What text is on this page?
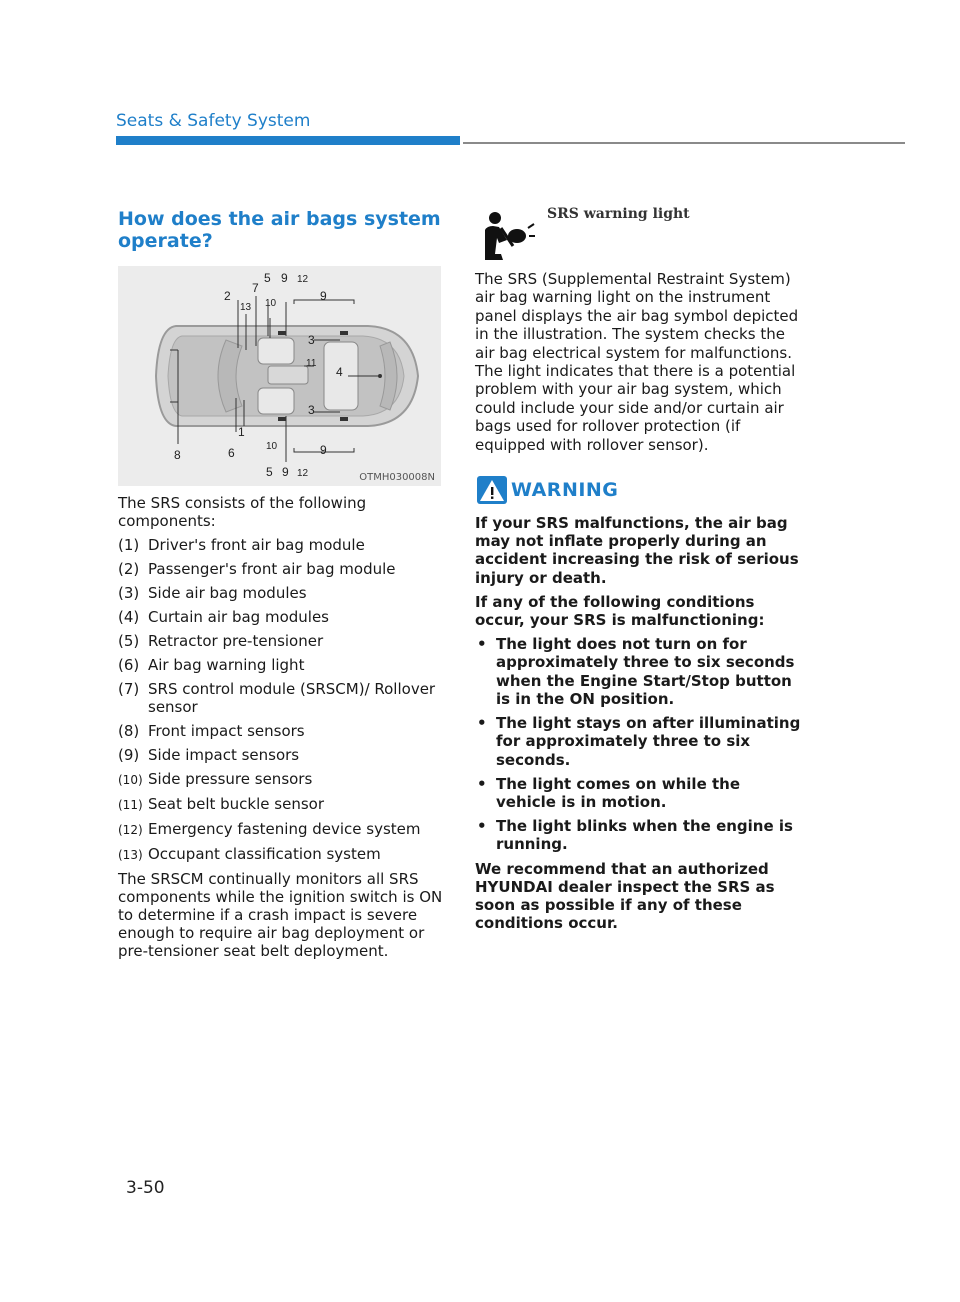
Seats & Safety System
How does the air bags system operate?
5 9 12
7
2
13 10
9
3
11
4
3
1
10	9
8	6
5 9 12	OTMH030008N
The SRS consists of the following components:
(1) Driver's front air bag module
(2) Passenger's front air bag module
(3) Side air bag modules
(4) Curtain air bag modules
(5) Retractor pre-tensioner
(6) Air bag warning light
(7) SRS control module (SRSCM)/ Rollover sensor
(8) Front impact sensors
(9) Side impact sensors
(10) Side pressure sensors
(11) Seat belt buckle sensor
(12) Emergency fastening device system
(13) Occupant classification system

The SRSCM continually monitors all SRS components while the ignition switch is ON to determine if a crash impact is severe enough to require air bag deployment or pre-tensioner seat belt deployment.

SRS warning light
The SRS (Supplemental Restraint System) air bag warning light on the instrument panel displays the air bag symbol depicted in the illustration. The system checks the air bag electrical system for malfunctions. The light indicates that there is a potential problem with your air bag system, which could include your side and/or curtain air bags used for rollover protection (if equipped with rollover sensor).
WARNING

If your SRS malfunctions, the air bag may not inflate properly during an accident increasing the risk of serious injury or death.

If any of the following conditions occur, your SRS is malfunctioning:

• The light does not turn on for approximately three to six seconds when the Engine Start/Stop button is in the ON position.
• The light stays on after illuminating for approximately three to six seconds.
• The light comes on while the vehicle is in motion.
• The light blinks when the engine is running.

We recommend that an authorized HYUNDAI dealer inspect the SRS as soon as possible if any of these conditions occur.

3-50
